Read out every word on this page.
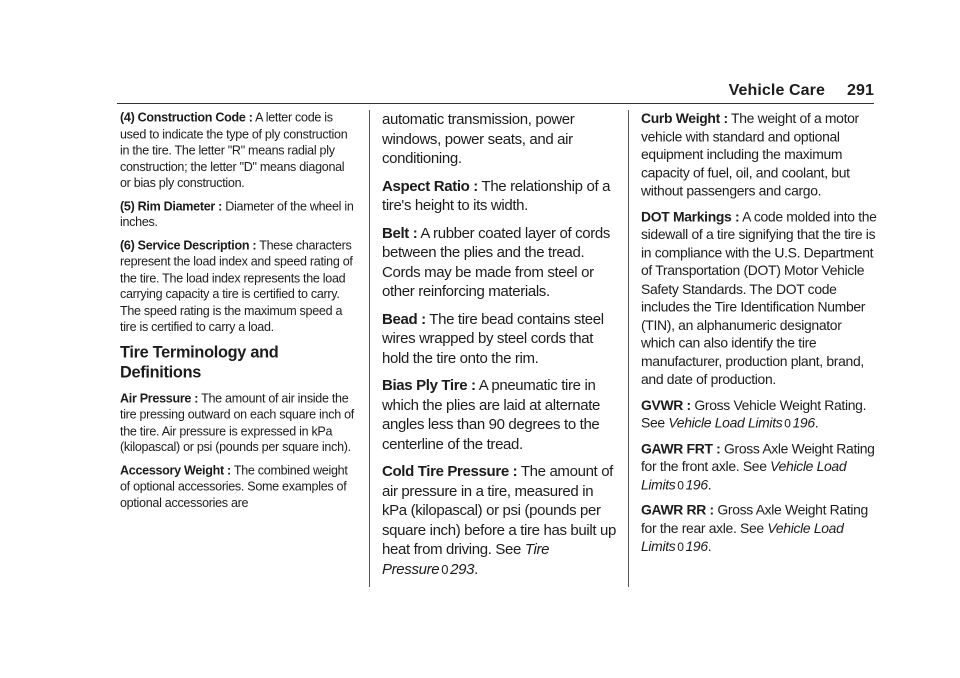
Vehicle Care 291

(4) Construction Code : A letter code is used to indicate the type of ply construction in the tire. The letter "R" means radial ply construction; the letter "D" means diagonal or bias ply construction.

(5) Rim Diameter : Diameter of the wheel in inches.

(6) Service Description : These characters represent the load index and speed rating of the tire. The load index represents the load carrying capacity a tire is certified to carry. The speed rating is the maximum speed a tire is certified to carry a load.

Tire Terminology and Definitions

Air Pressure : The amount of air inside the tire pressing outward on each square inch of the tire. Air pressure is expressed in kPa (kilopascal) or psi (pounds per square inch).

Accessory Weight : The combined weight of optional accessories. Some examples of optional accessories are

automatic transmission, power windows, power seats, and air conditioning.

Aspect Ratio : The relationship of a tire's height to its width.

Belt : A rubber coated layer of cords between the plies and the tread. Cords may be made from steel or other reinforcing materials.

Bead : The tire bead contains steel wires wrapped by steel cords that hold the tire onto the rim.

Bias Ply Tire : A pneumatic tire in which the plies are laid at alternate angles less than 90 degrees to the centerline of the tread.

Cold Tire Pressure : The amount of air pressure in a tire, measured in kPa (kilopascal) or psi (pounds per square inch) before a tire has built up heat from driving. See Tire Pressure 0 293.

Curb Weight : The weight of a motor vehicle with standard and optional equipment including the maximum capacity of fuel, oil, and coolant, but without passengers and cargo.

DOT Markings : A code molded into the sidewall of a tire signifying that the tire is in compliance with the U.S. Department of Transportation (DOT) Motor Vehicle Safety Standards. The DOT code includes the Tire Identification Number (TIN), an alphanumeric designator which can also identify the tire manufacturer, production plant, brand, and date of production.

GVWR : Gross Vehicle Weight Rating. See Vehicle Load Limits 0 196.

GAWR FRT : Gross Axle Weight Rating for the front axle. See Vehicle Load Limits 0 196.

GAWR RR : Gross Axle Weight Rating for the rear axle. See Vehicle Load Limits 0 196.
